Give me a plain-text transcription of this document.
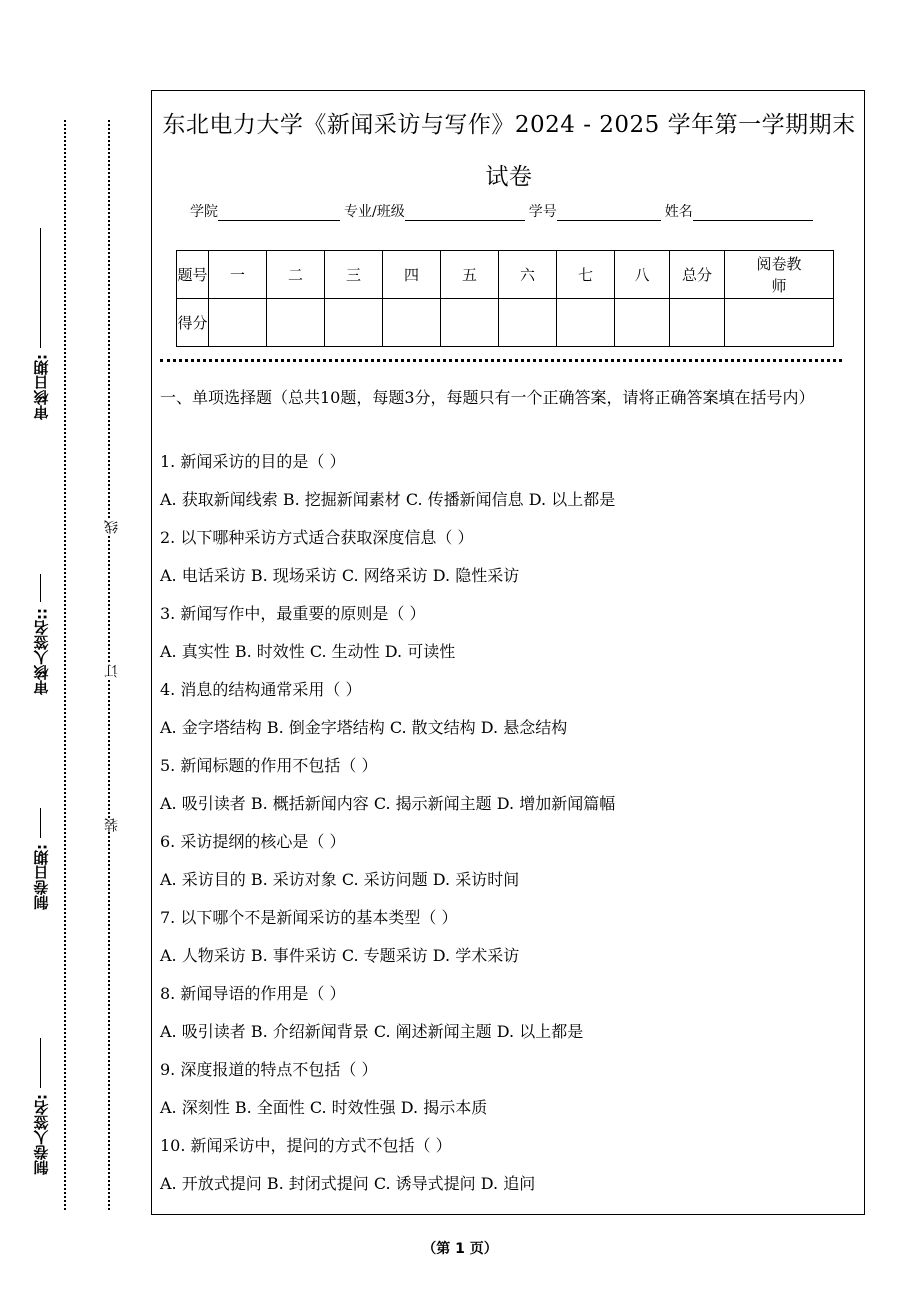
审核日期:
审核人签名::
制卷日期:
制卷人签名:
线
订
装
东北电力大学《新闻采访与写作》2024 - 2025 学年第一学期期末
试卷
学院	专业/班级	学号	姓名
题号	一	二	三	四	五	六	七	八	总分	阅卷教师
得分										
一、单项选择题（总共10题，每题3分，每题只有一个正确答案，请将正确答案填在括号内）
1. 新闻采访的目的是（ ）
A. 获取新闻线索 B. 挖掘新闻素材 C. 传播新闻信息 D. 以上都是
2. 以下哪种采访方式适合获取深度信息（ ）
A. 电话采访 B. 现场采访 C. 网络采访 D. 隐性采访
3. 新闻写作中，最重要的原则是（ ）
A. 真实性 B. 时效性 C. 生动性 D. 可读性
4. 消息的结构通常采用（ ）
A. 金字塔结构 B. 倒金字塔结构 C. 散文结构 D. 悬念结构
5. 新闻标题的作用不包括（ ）
A. 吸引读者 B. 概括新闻内容 C. 揭示新闻主题 D. 增加新闻篇幅
6. 采访提纲的核心是（ ）
A. 采访目的 B. 采访对象 C. 采访问题 D. 采访时间
7. 以下哪个不是新闻采访的基本类型（ ）
A. 人物采访 B. 事件采访 C. 专题采访 D. 学术采访
8. 新闻导语的作用是（ ）
A. 吸引读者 B. 介绍新闻背景 C. 阐述新闻主题 D. 以上都是
9. 深度报道的特点不包括（ ）
A. 深刻性 B. 全面性 C. 时效性强 D. 揭示本质
10. 新闻采访中，提问的方式不包括（ ）
A. 开放式提问 B. 封闭式提问 C. 诱导式提问 D. 追问
（第 1 页）
